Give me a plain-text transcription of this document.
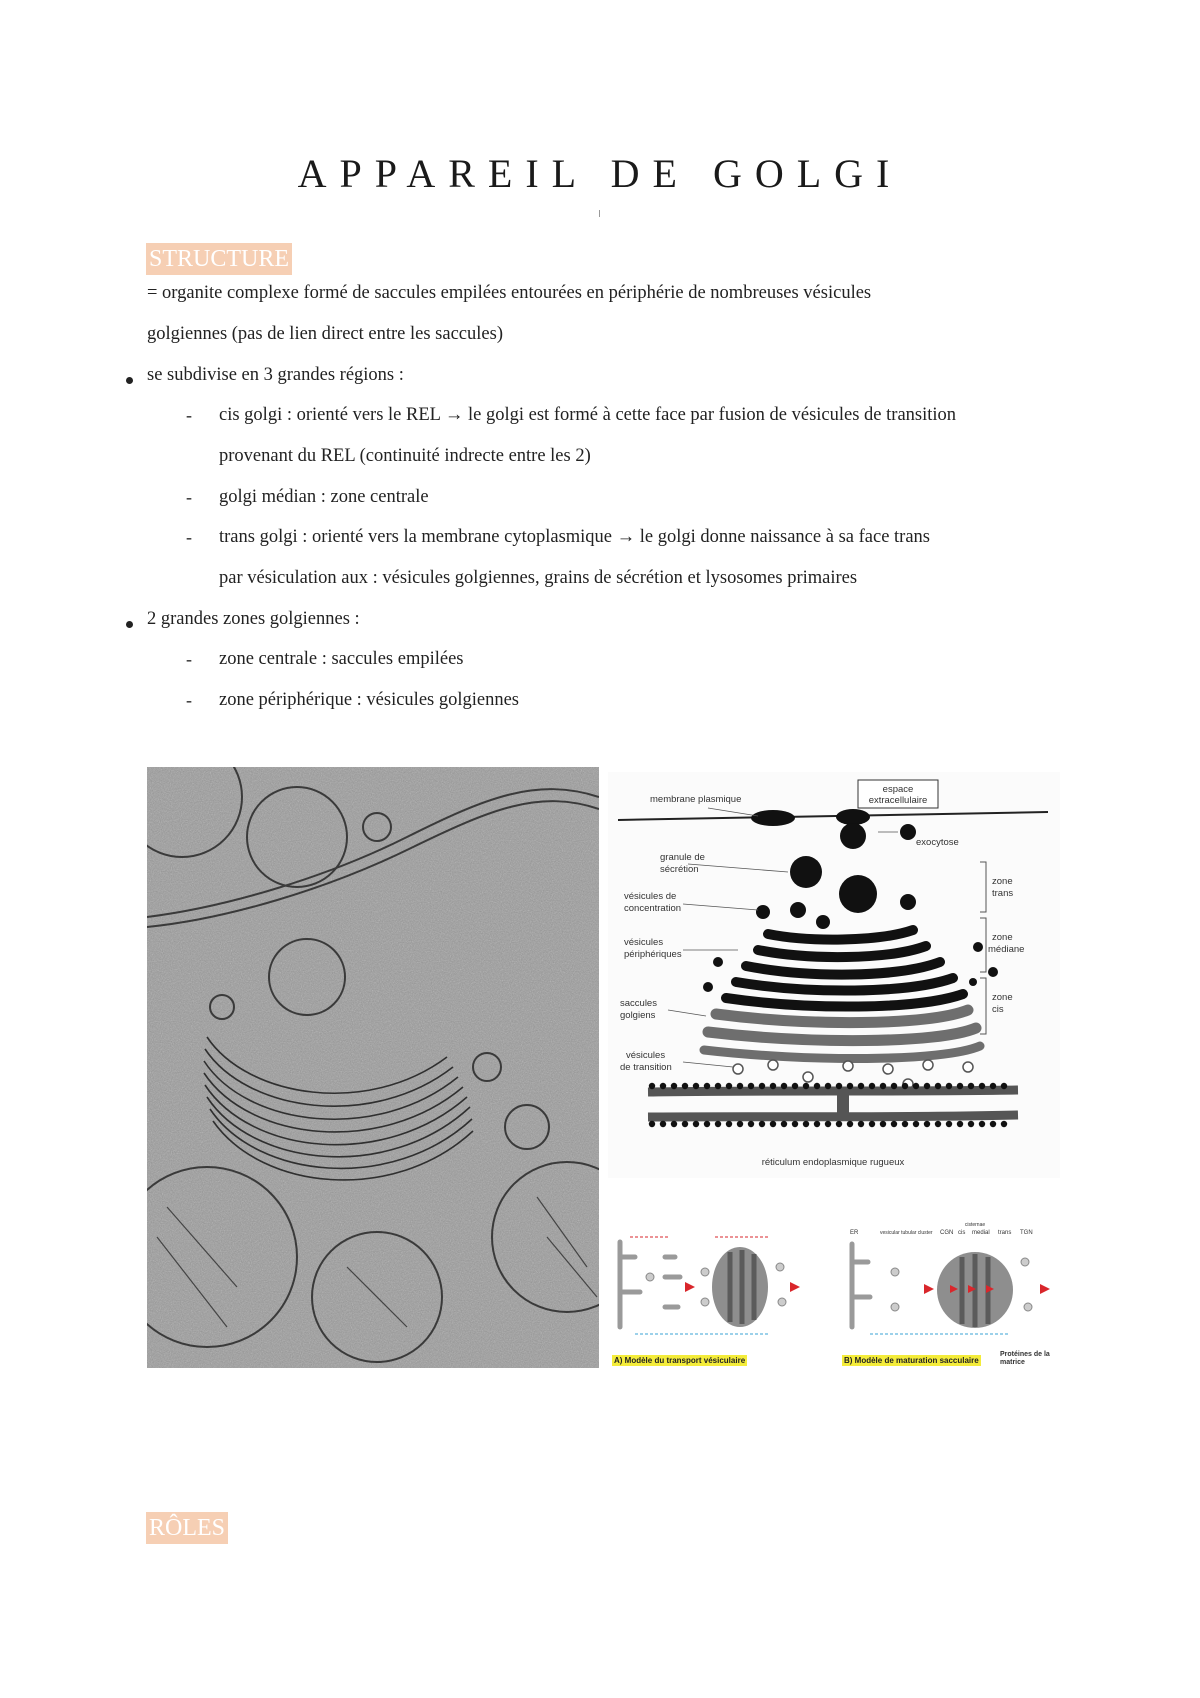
APPAREIL DE GOLGI
STRUCTURE
= organite complexe formé de saccules empilées entourées en périphérie de nombreuses vésicules
golgiennes (pas de lien direct entre les saccules)
se subdivise en 3 grandes régions :
- cis golgi : orienté vers le REL → le golgi est formé à cette face par fusion de vésicules de transition
provenant du REL (continuité indrecte entre les 2)
- golgi médian : zone centrale
- trans golgi : orienté vers la membrane cytoplasmique → le golgi donne naissance à sa face trans
par vésiculation aux : vésicules golgiennes, grains de sécrétion et lysosomes primaires
2 grandes zones golgiennes :
- zone centrale : saccules empilées
- zone périphérique : vésicules golgiennes
membrane plasmique
espace
extracellulaire
exocytose
granule de
sécrétion
vésicules de
concentration
vésicules
périphériques
saccules
golgiens
vésicules
de transition
réticulum endoplasmique rugueux
zone
trans
zone
médiane
zone
cis
A) Modèle du transport vésiculaire
ER	vesicular tubular cluster CGN cis medial trans TGN
cisternae
B) Modèle de maturation sacculaire
Protéines de la
matrice
RÔLES
